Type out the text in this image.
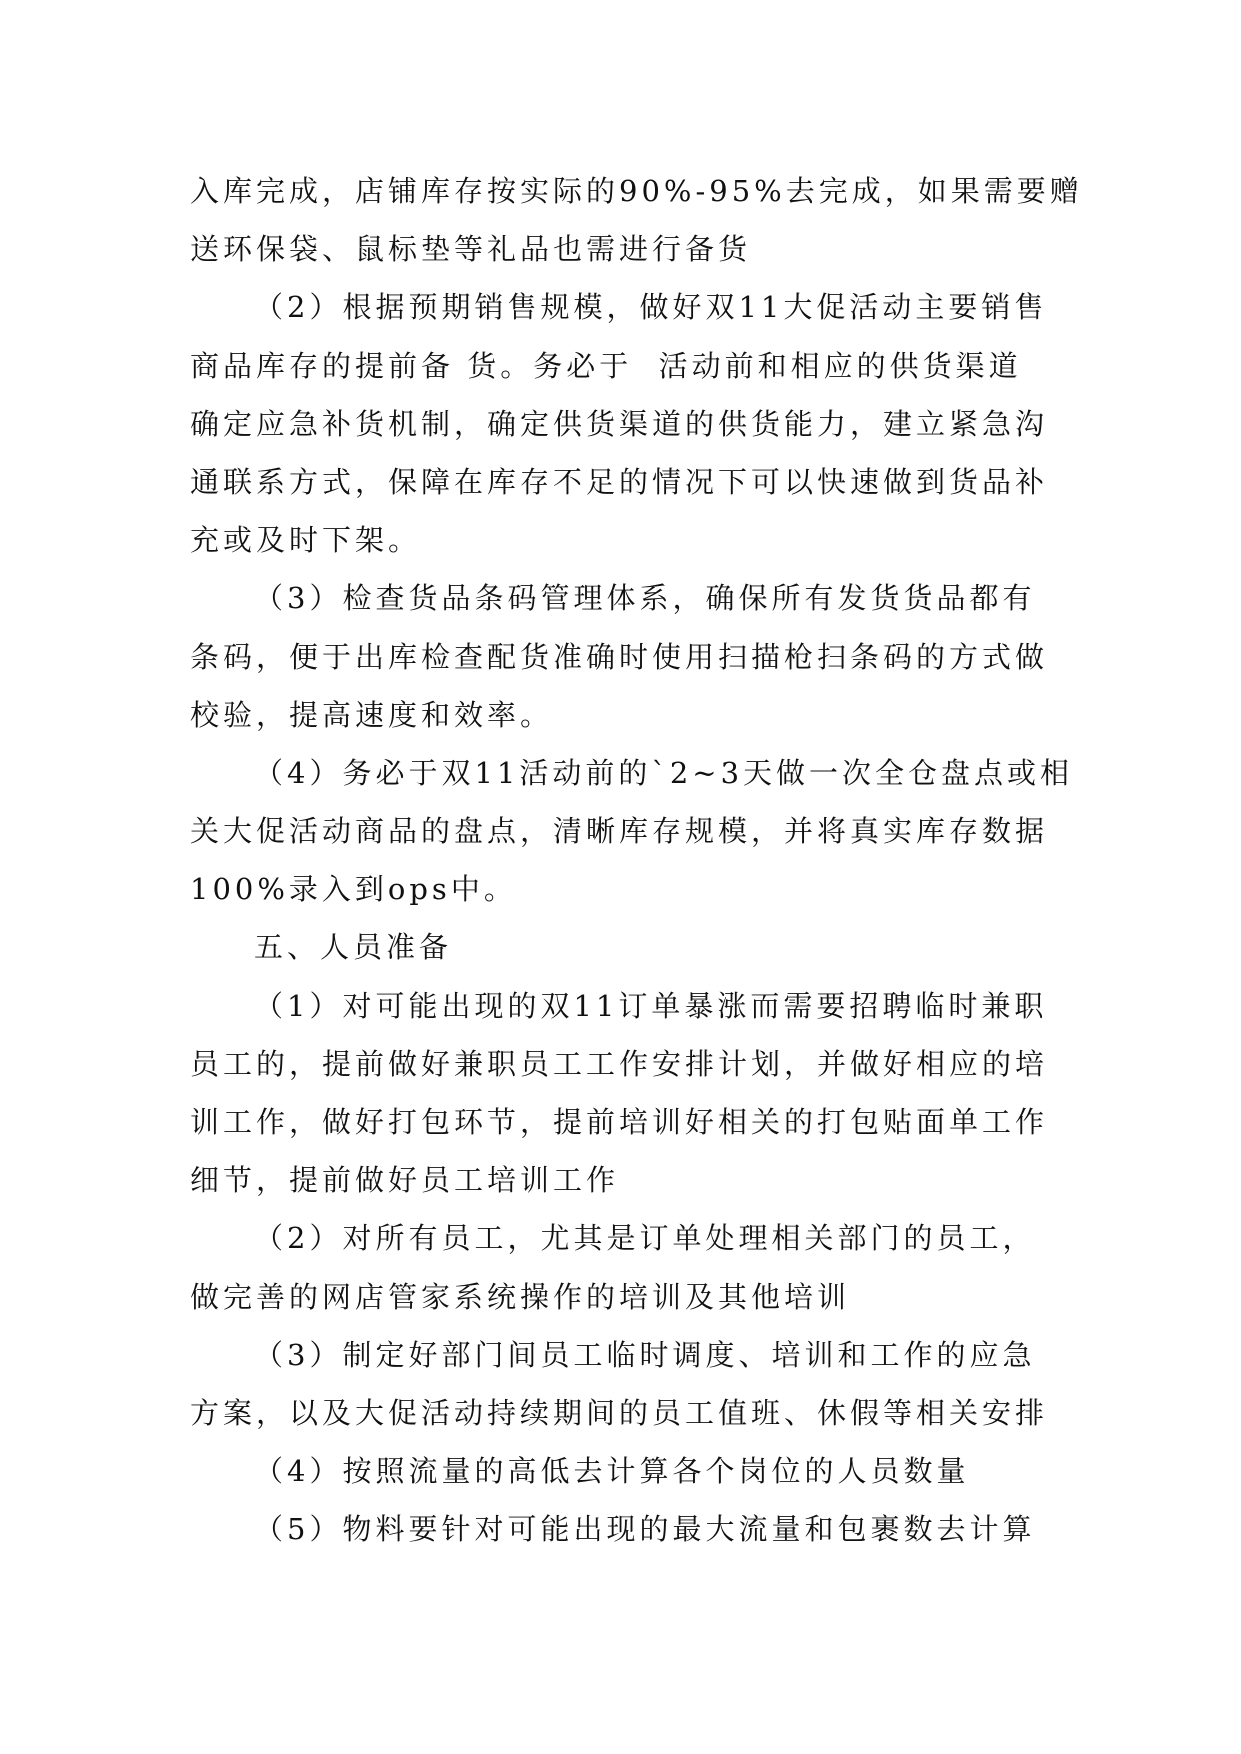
入库完成，店铺库存按实际的90%-95%去完成，如果需要赠
送环保袋、鼠标垫等礼品也需进行备货
（2）根据预期销售规模，做好双11大促活动主要销售
商品库存的提前备 货。务必于  活动前和相应的供货渠道
确定应急补货机制，确定供货渠道的供货能力，建立紧急沟
通联系方式，保障在库存不足的情况下可以快速做到货品补
充或及时下架。
（3）检查货品条码管理体系，确保所有发货货品都有
条码，便于出库检查配货准确时使用扫描枪扫条码的方式做
校验，提高速度和效率。
（4）务必于双11活动前的`2~3天做一次全仓盘点或相
关大促活动商品的盘点，清晰库存规模，并将真实库存数据
100%录入到ops中。
五、人员准备
（1）对可能出现的双11订单暴涨而需要招聘临时兼职
员工的，提前做好兼职员工工作安排计划，并做好相应的培
训工作，做好打包环节，提前培训好相关的打包贴面单工作
细节，提前做好员工培训工作
（2）对所有员工，尤其是订单处理相关部门的员工，
做完善的网店管家系统操作的培训及其他培训
（3）制定好部门间员工临时调度、培训和工作的应急
方案，以及大促活动持续期间的员工值班、休假等相关安排
（4）按照流量的高低去计算各个岗位的人员数量
（5）物料要针对可能出现的最大流量和包裹数去计算
